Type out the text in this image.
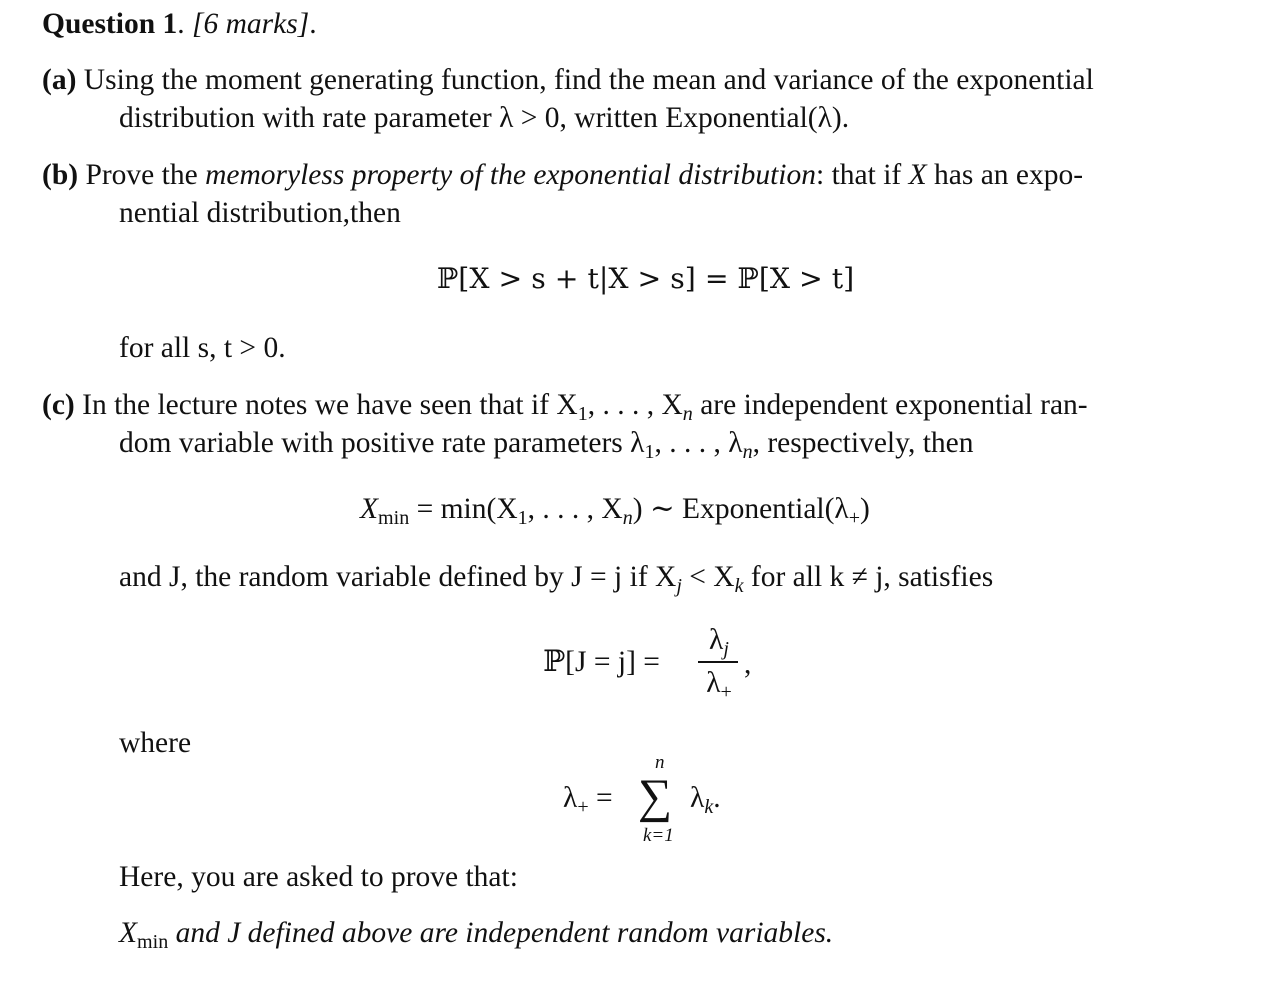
Question 1. [6 marks].
(a) Using the moment generating function, find the mean and variance of the exponential
distribution with rate parameter λ > 0, written Exponential(λ).
(b) Prove the memoryless property of the exponential distribution: that if X has an expo-
nential distribution,then
ℙ[X > s + t|X > s] = ℙ[X > t]
for all s, t > 0.
(c) In the lecture notes we have seen that if X1, . . . , Xn are independent exponential ran-
dom variable with positive rate parameters λ1, . . . , λn, respectively, then
Xmin = min(X1, . . . , Xn) ∼ Exponential(λ+)
and J, the random variable defined by J = j if Xj < Xk for all k ≠ j, satisfies
ℙ[J = j] =
λj
λ+
,
where
λ+ =
n
∑
k=1
λk.
Here, you are asked to prove that:
Xmin and J defined above are independent random variables.
